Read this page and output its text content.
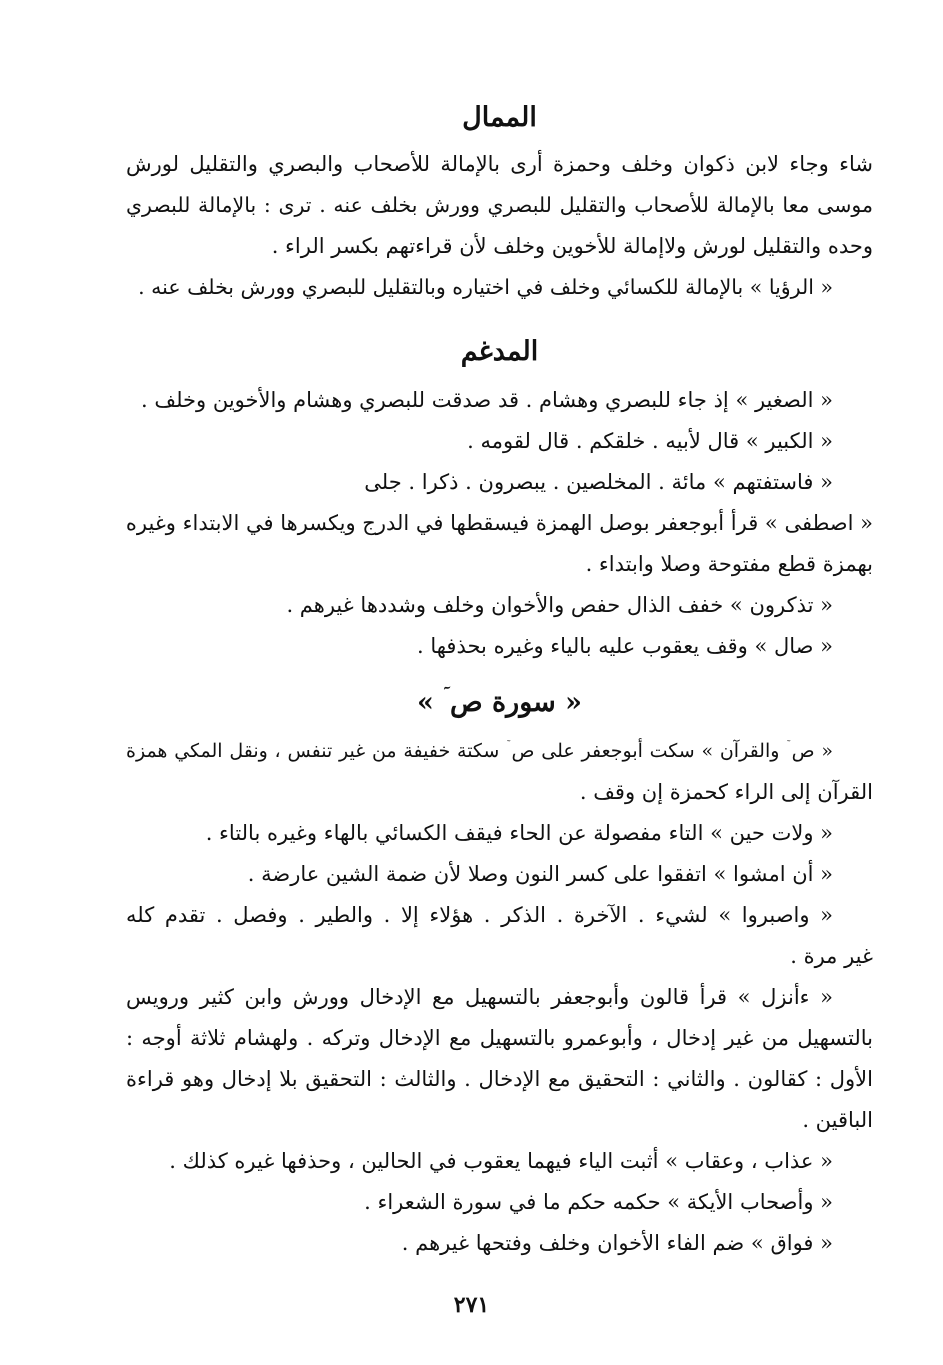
الممال

شاء وجاء لابن ذكوان وخلف وحمزة أرى بالإمالة للأصحاب والبصري والتقليل لورش

موسى معا بالإمالة للأصحاب والتقليل للبصري وورش بخلف عنه . ترى : بالإمالة للبصري

وحده والتقليل لورش ولاإمالة للأخوين وخلف لأن قراءتهم بكسر الراء .

« الرؤيا » بالإمالة للكسائي وخلف في اختياره وبالتقليل للبصري وورش بخلف عنه .

المدغم

« الصغير » إذ جاء للبصري وهشام . قد صدقت للبصري وهشام والأخوين وخلف .

« الكبير » قال لأبيه . خلقكم . قال لقومه .

« فاستفتهم » مائة . المخلصين . يبصرون . ذكرا . جلى

« اصطفى » قرأ أبوجعفر بوصل الهمزة فيسقطها في الدرج ويكسرها في الابتداء وغيره

بهمزة قطع مفتوحة وصلا وابتداء .

« تذكرون » خفف الذال حفص والأخوان وخلف وشددها غيرهم .

« صال » وقف يعقوب عليه بالياء وغيره بحذفها .

« سورة ص ۤ »

« ص ۤ والقرآن » سكت أبوجعفر على ص ۤ سكتة خفيفة من غير تنفس ، ونقل المكي همزة

القرآن إلى الراء كحمزة إن وقف .

« ولات حين » التاء مفصولة عن الحاء فيقف الكسائي بالهاء وغيره بالتاء .

« أن امشوا » اتفقوا على كسر النون وصلا لأن ضمة الشين عارضة .

« واصبروا » لشيء . الآخرة . الذكر . هؤلاء إلا . والطير . وفصل . تقدم كله

غير مرة .

« ءأنزل » قرأ قالون وأبوجعفر بالتسهيل مع الإدخال وورش وابن كثير ورويس

بالتسهيل من غير إدخال ، وأبوعمرو بالتسهيل مع الإدخال وتركه . ولهشام ثلاثة أوجه :

الأول : كقالون . والثاني : التحقيق مع الإدخال . والثالث : التحقيق بلا إدخال وهو قراءة

الباقين .

« عذاب ، وعقاب » أثبت الياء فيهما يعقوب في الحالين ، وحذفها غيره كذلك .

« وأصحاب الأيكة » حكمه حكم ما في سورة الشعراء .

« فواق » ضم الفاء الأخوان وخلف وفتحها غيرهم .

٢٧١
